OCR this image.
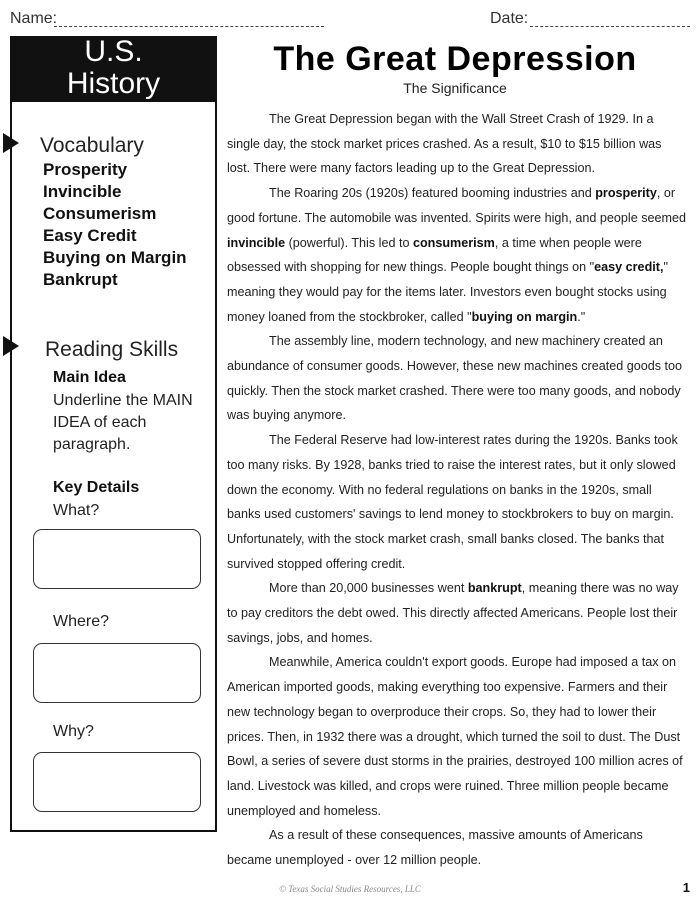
Name:	Date:
U.S.
History
Vocabulary
Prosperity
Invincible
Consumerism
Easy Credit
Buying on Margin
Bankrupt
Reading Skills
Main Idea
Underline the MAIN IDEA of each paragraph.
Key Details
What?
Where?
Why?
The Great Depression
The Significance

The Great Depression began with the Wall Street Crash of 1929. In a single day, the stock market prices crashed. As a result, $10 to $15 billion was lost. There were many factors leading up to the Great Depression.

The Roaring 20s (1920s) featured booming industries and prosperity, or good fortune. The automobile was invented. Spirits were high, and people seemed invincible (powerful). This led to consumerism, a time when people were obsessed with shopping for new things. People bought things on "easy credit," meaning they would pay for the items later. Investors even bought stocks using money loaned from the stockbroker, called "buying on margin."

The assembly line, modern technology, and new machinery created an abundance of consumer goods. However, these new machines created goods too quickly. Then the stock market crashed. There were too many goods, and nobody was buying anymore.

The Federal Reserve had low-interest rates during the 1920s. Banks took too many risks. By 1928, banks tried to raise the interest rates, but it only slowed down the economy. With no federal regulations on banks in the 1920s, small banks used customers' savings to lend money to stockbrokers to buy on margin. Unfortunately, with the stock market crash, small banks closed. The banks that survived stopped offering credit.

More than 20,000 businesses went bankrupt, meaning there was no way to pay creditors the debt owed. This directly affected Americans. People lost their savings, jobs, and homes.

Meanwhile, America couldn't export goods. Europe had imposed a tax on American imported goods, making everything too expensive. Farmers and their new technology began to overproduce their crops. So, they had to lower their prices. Then, in 1932 there was a drought, which turned the soil to dust. The Dust Bowl, a series of severe dust storms in the prairies, destroyed 100 million acres of land. Livestock was killed, and crops were ruined. Three million people became unemployed and homeless.

As a result of these consequences, massive amounts of Americans became unemployed - over 12 million people.

© Texas Social Studies Resources, LLC	1
